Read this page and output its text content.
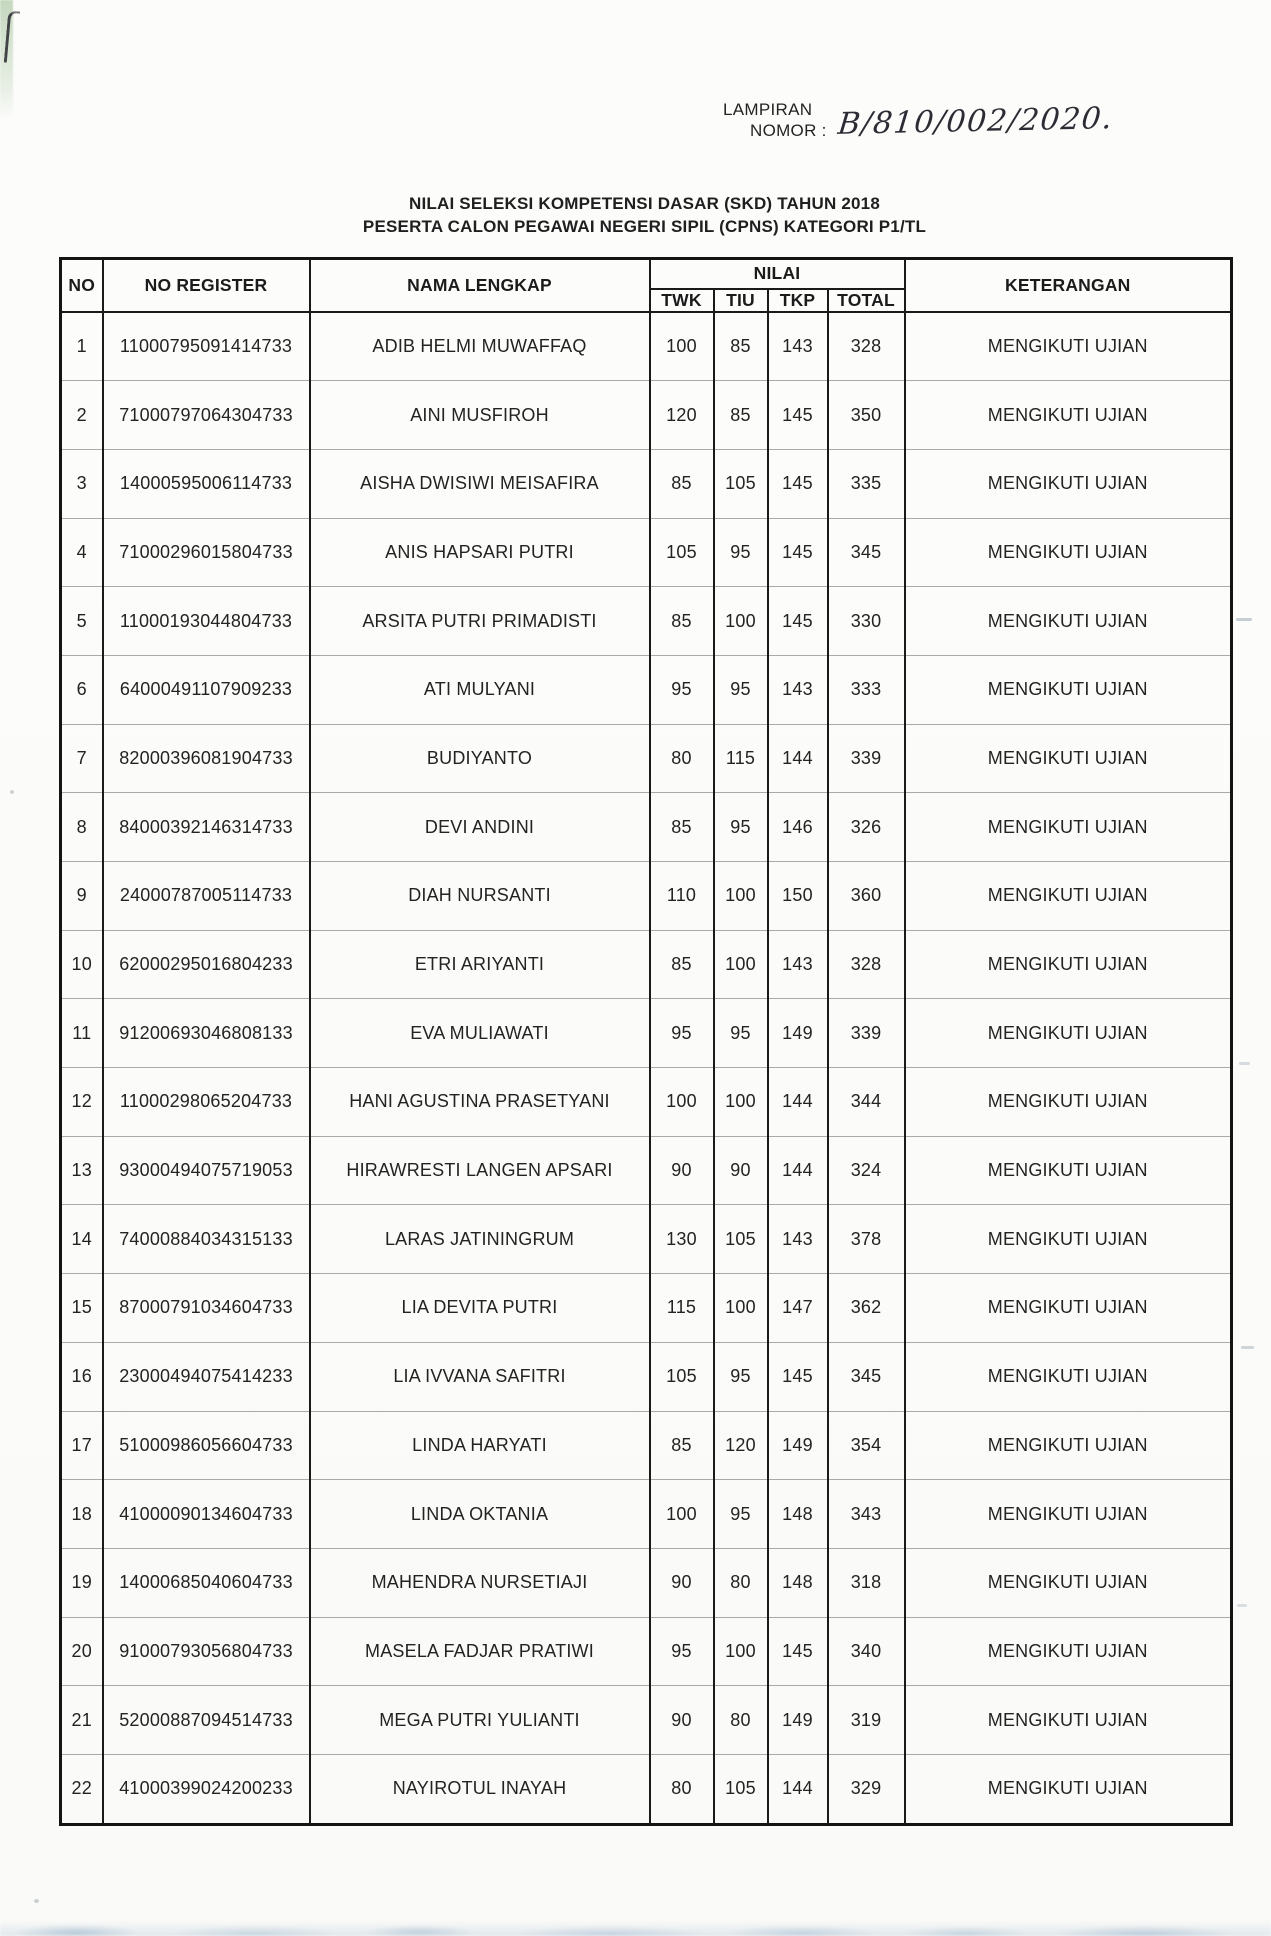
LAMPIRAN
NOMOR : B/810/002/2020.
NILAI SELEKSI KOMPETENSI DASAR (SKD) TAHUN 2018
PESERTA CALON PEGAWAI NEGERI SIPIL (CPNS) KATEGORI P1/TL
NO	NO REGISTER	NAMA LENGKAP	NILAI				KETERANGAN
			TWK	TIU	TKP	TOTAL	
1	11000795091414733	ADIB HELMI MUWAFFAQ	100	85	143	328	MENGIKUTI UJIAN
2	71000797064304733	AINI MUSFIROH	120	85	145	350	MENGIKUTI UJIAN
3	14000595006114733	AISHA DWISIWI MEISAFIRA	85	105	145	335	MENGIKUTI UJIAN
4	71000296015804733	ANIS HAPSARI PUTRI	105	95	145	345	MENGIKUTI UJIAN
5	11000193044804733	ARSITA PUTRI PRIMADISTI	85	100	145	330	MENGIKUTI UJIAN
6	64000491107909233	ATI MULYANI	95	95	143	333	MENGIKUTI UJIAN
7	82000396081904733	BUDIYANTO	80	115	144	339	MENGIKUTI UJIAN
8	84000392146314733	DEVI ANDINI	85	95	146	326	MENGIKUTI UJIAN
9	24000787005114733	DIAH NURSANTI	110	100	150	360	MENGIKUTI UJIAN
10	62000295016804233	ETRI ARIYANTI	85	100	143	328	MENGIKUTI UJIAN
11	91200693046808133	EVA MULIAWATI	95	95	149	339	MENGIKUTI UJIAN
12	11000298065204733	HANI AGUSTINA PRASETYANI	100	100	144	344	MENGIKUTI UJIAN
13	93000494075719053	HIRAWRESTI LANGEN APSARI	90	90	144	324	MENGIKUTI UJIAN
14	74000884034315133	LARAS JATININGRUM	130	105	143	378	MENGIKUTI UJIAN
15	87000791034604733	LIA DEVITA PUTRI	115	100	147	362	MENGIKUTI UJIAN
16	23000494075414233	LIA IVVANA SAFITRI	105	95	145	345	MENGIKUTI UJIAN
17	51000986056604733	LINDA HARYATI	85	120	149	354	MENGIKUTI UJIAN
18	41000090134604733	LINDA OKTANIA	100	95	148	343	MENGIKUTI UJIAN
19	14000685040604733	MAHENDRA NURSETIAJI	90	80	148	318	MENGIKUTI UJIAN
20	91000793056804733	MASELA FADJAR PRATIWI	95	100	145	340	MENGIKUTI UJIAN
21	52000887094514733	MEGA PUTRI YULIANTI	90	80	149	319	MENGIKUTI UJIAN
22	41000399024200233	NAYIROTUL INAYAH	80	105	144	329	MENGIKUTI UJIAN
